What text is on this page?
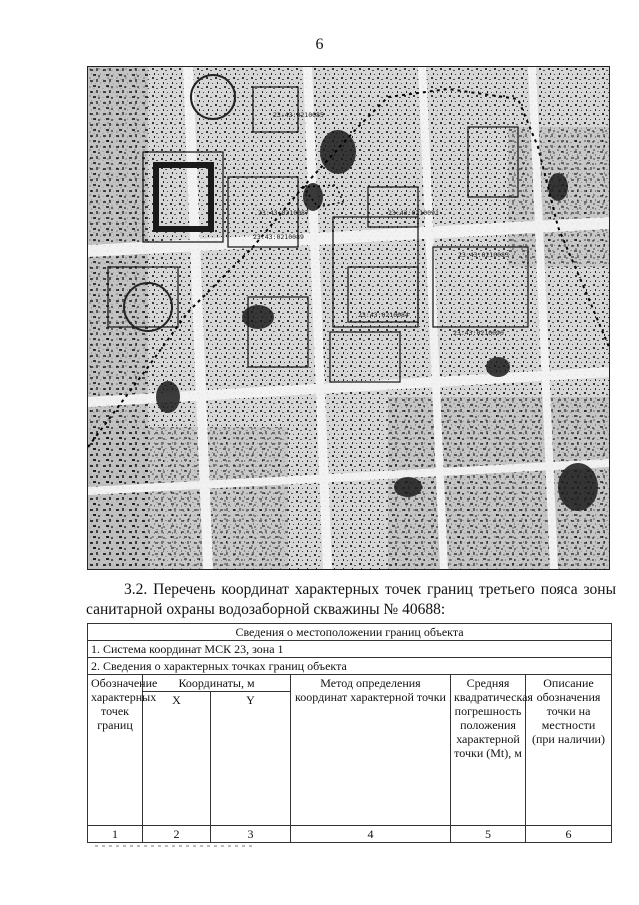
6
23:43:0210085
23:43:0210087
23:43:0210089
23:43:0210091
23:43:0210083
23:43:0210084
23:43:0210090
3.2. Перечень координат характерных точек границ третьего пояса зоны
санитарной охраны водозаборной скважины № 40688:
Сведения о местоположении границ объекта					
1. Система координат МСК 23, зона 1					
2. Сведения о характерных точках границ объекта					
Обозначение характерных точек границ	Координаты, м		Метод определения координат характерной точки	Средняя квадратическая погрешность положения характерной точки (Mt), м	Описание обозначения точки на местности (при наличии)
	X	Y			
1	2	3	4	5	6
